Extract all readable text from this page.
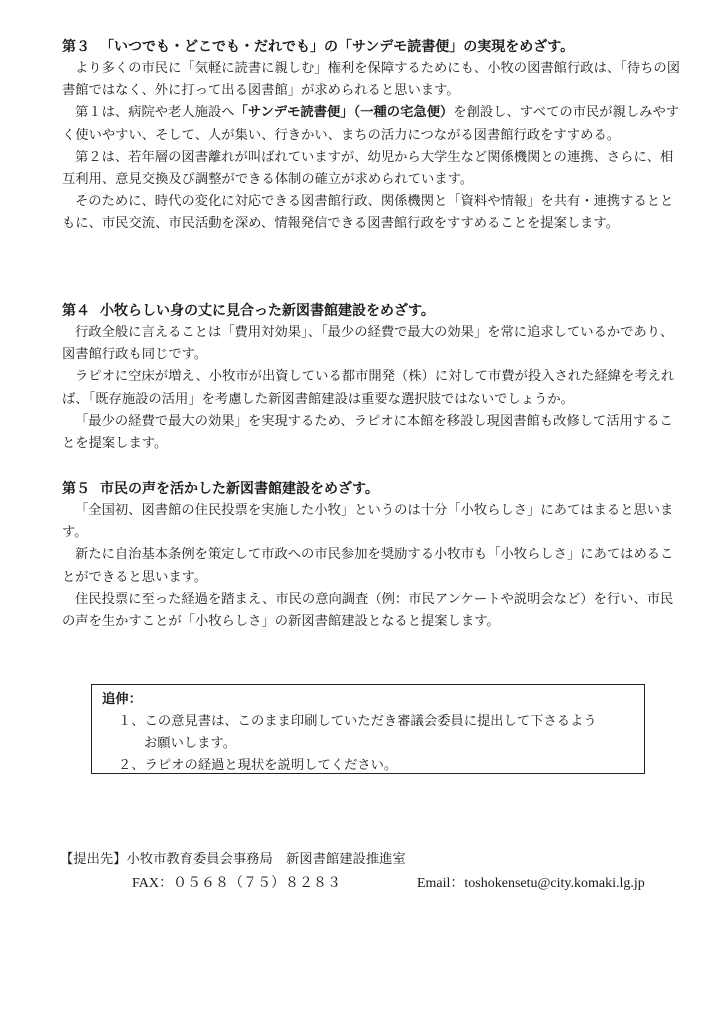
第３ 「いつでも・どこでも・だれでも」の「サンデモ読書便」の実現をめざす。

より多くの市民に「気軽に読書に親しむ」権利を保障するためにも、小牧の図書館行政は、「待ちの図書館ではなく、外に打って出る図書館」が求められると思います。

第１は、病院や老人施設へ「サンデモ読書便」（一種の宅急便）を創設し、すべての市民が親しみやすく使いやすい、そして、人が集い、行きかい、まちの活力につながる図書館行政をすすめる。

第２は、若年層の図書離れが叫ばれていますが、幼児から大学生など関係機関との連携、さらに、相互利用、意見交換及び調整ができる体制の確立が求められています。

そのために、時代の変化に対応できる図書館行政、関係機関と「資料や情報」を共有・連携するとともに、市民交流、市民活動を深め、情報発信できる図書館行政をすすめることを提案します。

第４ 小牧らしい身の丈に見合った新図書館建設をめざす。

行政全般に言えることは「費用対効果」、「最少の経費で最大の効果」を常に追求しているかであり、図書館行政も同じです。

ラピオに空床が増え、小牧市が出資している都市開発（株）に対して市費が投入された経緯を考えれば、「既存施設の活用」を考慮した新図書館建設は重要な選択肢ではないでしょうか。

「最少の経費で最大の効果」を実現するため、ラピオに本館を移設し現図書館も改修して活用することを提案します。

第５ 市民の声を活かした新図書館建設をめざす。

「全国初、図書館の住民投票を実施した小牧」というのは十分「小牧らしさ」にあてはまると思います。

新たに自治基本条例を策定して市政への市民参加を奨励する小牧市も「小牧らしさ」にあてはめることができると思います。

住民投票に至った経過を踏まえ、市民の意向調査（例：市民アンケートや説明会など）を行い、市民の声を生かすことが「小牧らしさ」の新図書館建設となると提案します。

追伸：
１、この意見書は、このまま印刷していただき審議会委員に提出して下さるよう
お願いします。
２、ラピオの経過と現状を説明してください。
【提出先】小牧市教育委員会事務局　新図書館建設推進室
FAX：０５６８（７５）８２８３	Email：toshokensetu@city.komaki.lg.jp
